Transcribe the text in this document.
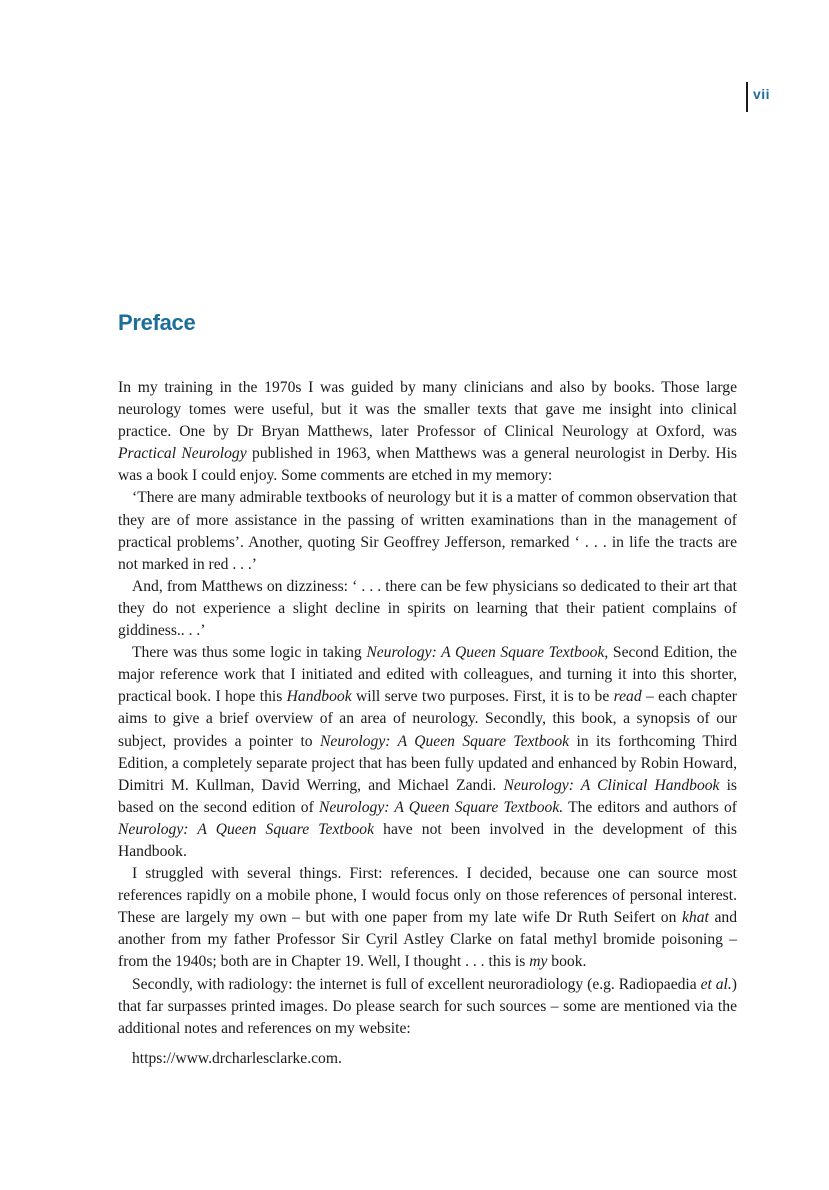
vii
Preface

In my training in the 1970s I was guided by many clinicians and also by books. Those large neurology tomes were useful, but it was the smaller texts that gave me insight into clinical practice. One by Dr Bryan Matthews, later Professor of Clinical Neurology at Oxford, was Practical Neurology published in 1963, when Matthews was a general neurologist in Derby. His was a book I could enjoy. Some comments are etched in my memory:

‘There are many admirable textbooks of neurology but it is a matter of common observation that they are of more assistance in the passing of written examinations than in the management of practical problems’. Another, quoting Sir Geoffrey Jefferson, remarked ‘ . . . in life the tracts are not marked in red . . .’

And, from Matthews on dizziness: ‘ . . . there can be few physicians so dedicated to their art that they do not experience a slight decline in spirits on learning that their patient complains of giddiness.. . .’

There was thus some logic in taking Neurology: A Queen Square Textbook, Second Edition, the major reference work that I initiated and edited with colleagues, and turning it into this shorter, practical book. I hope this Handbook will serve two purposes. First, it is to be read – each chapter aims to give a brief overview of an area of neurology. Secondly, this book, a synopsis of our subject, provides a pointer to Neurology: A Queen Square Textbook in its forthcoming Third Edition, a completely separate project that has been fully updated and enhanced by Robin Howard, Dimitri M. Kullman, David Werring, and Michael Zandi. Neurology: A Clinical Handbook is based on the second edition of Neurology: A Queen Square Textbook. The editors and authors of Neurology: A Queen Square Textbook have not been involved in the development of this Handbook.

I struggled with several things. First: references. I decided, because one can source most references rapidly on a mobile phone, I would focus only on those references of personal interest. These are largely my own – but with one paper from my late wife Dr Ruth Seifert on khat and another from my father Professor Sir Cyril Astley Clarke on fatal methyl bromide poisoning – from the 1940s; both are in Chapter 19. Well, I thought . . . this is my book.

Secondly, with radiology: the internet is full of excellent neuroradiology (e.g. Radiopaedia et al.) that far surpasses printed images. Do please search for such sources – some are mentioned via the additional notes and references on my website:

https://www.drcharlesclarke.com.
